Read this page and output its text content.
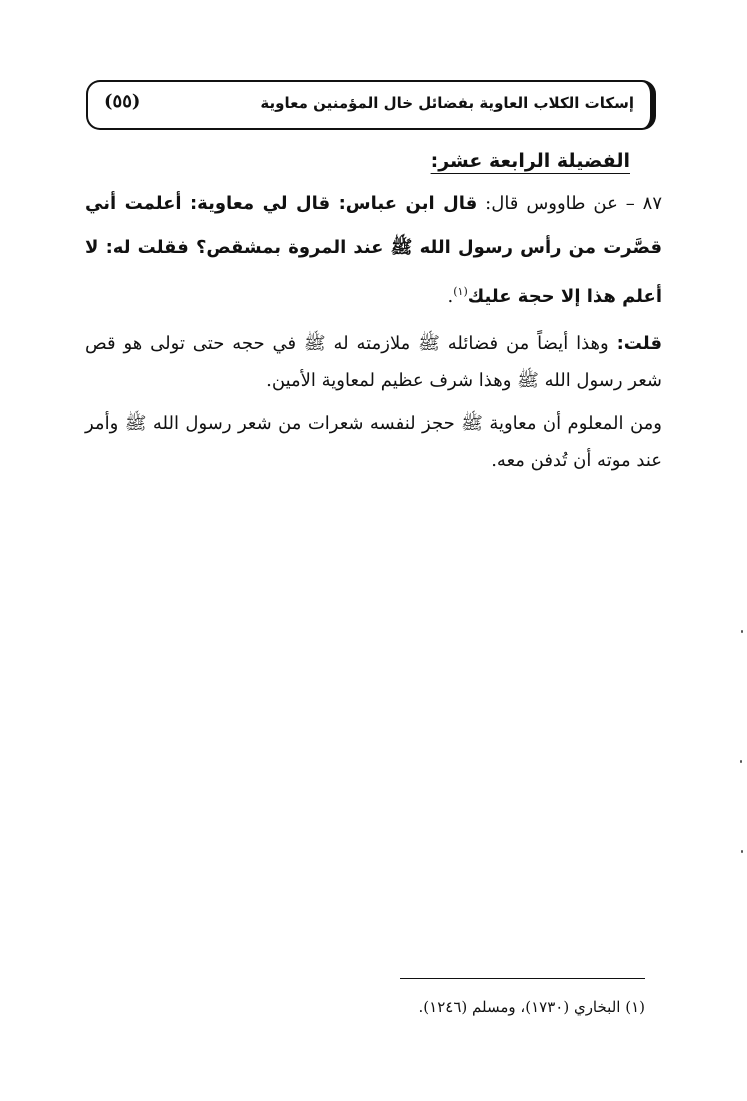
إسكات الكلاب العاوية بفضائل خال المؤمنين معاوية
(٥٥)
الفضيلة الرابعة عشر:

٨٧ – عن طاووس قال: قال ابن عباس: قال لي معاوية: أعلمت أني قصَّرت من رأس رسول الله ﷺ عند المروة بمشقص؟ فقلت له: لا أعلم هذا إلا حجة عليك$^{(١)}$.

قلت: وهذا أيضاً من فضائله ﷺ ملازمته له ﷺ في حجه حتى تولى هو قص شعر رسول الله ﷺ وهذا شرف عظيم لمعاوية الأمين.

ومن المعلوم أن معاوية ﷺ حجز لنفسه شعرات من شعر رسول الله ﷺ وأمر عند موته أن تُدفن معه.

(١) البخاري (١٧٣٠)، ومسلم (١٢٤٦).
